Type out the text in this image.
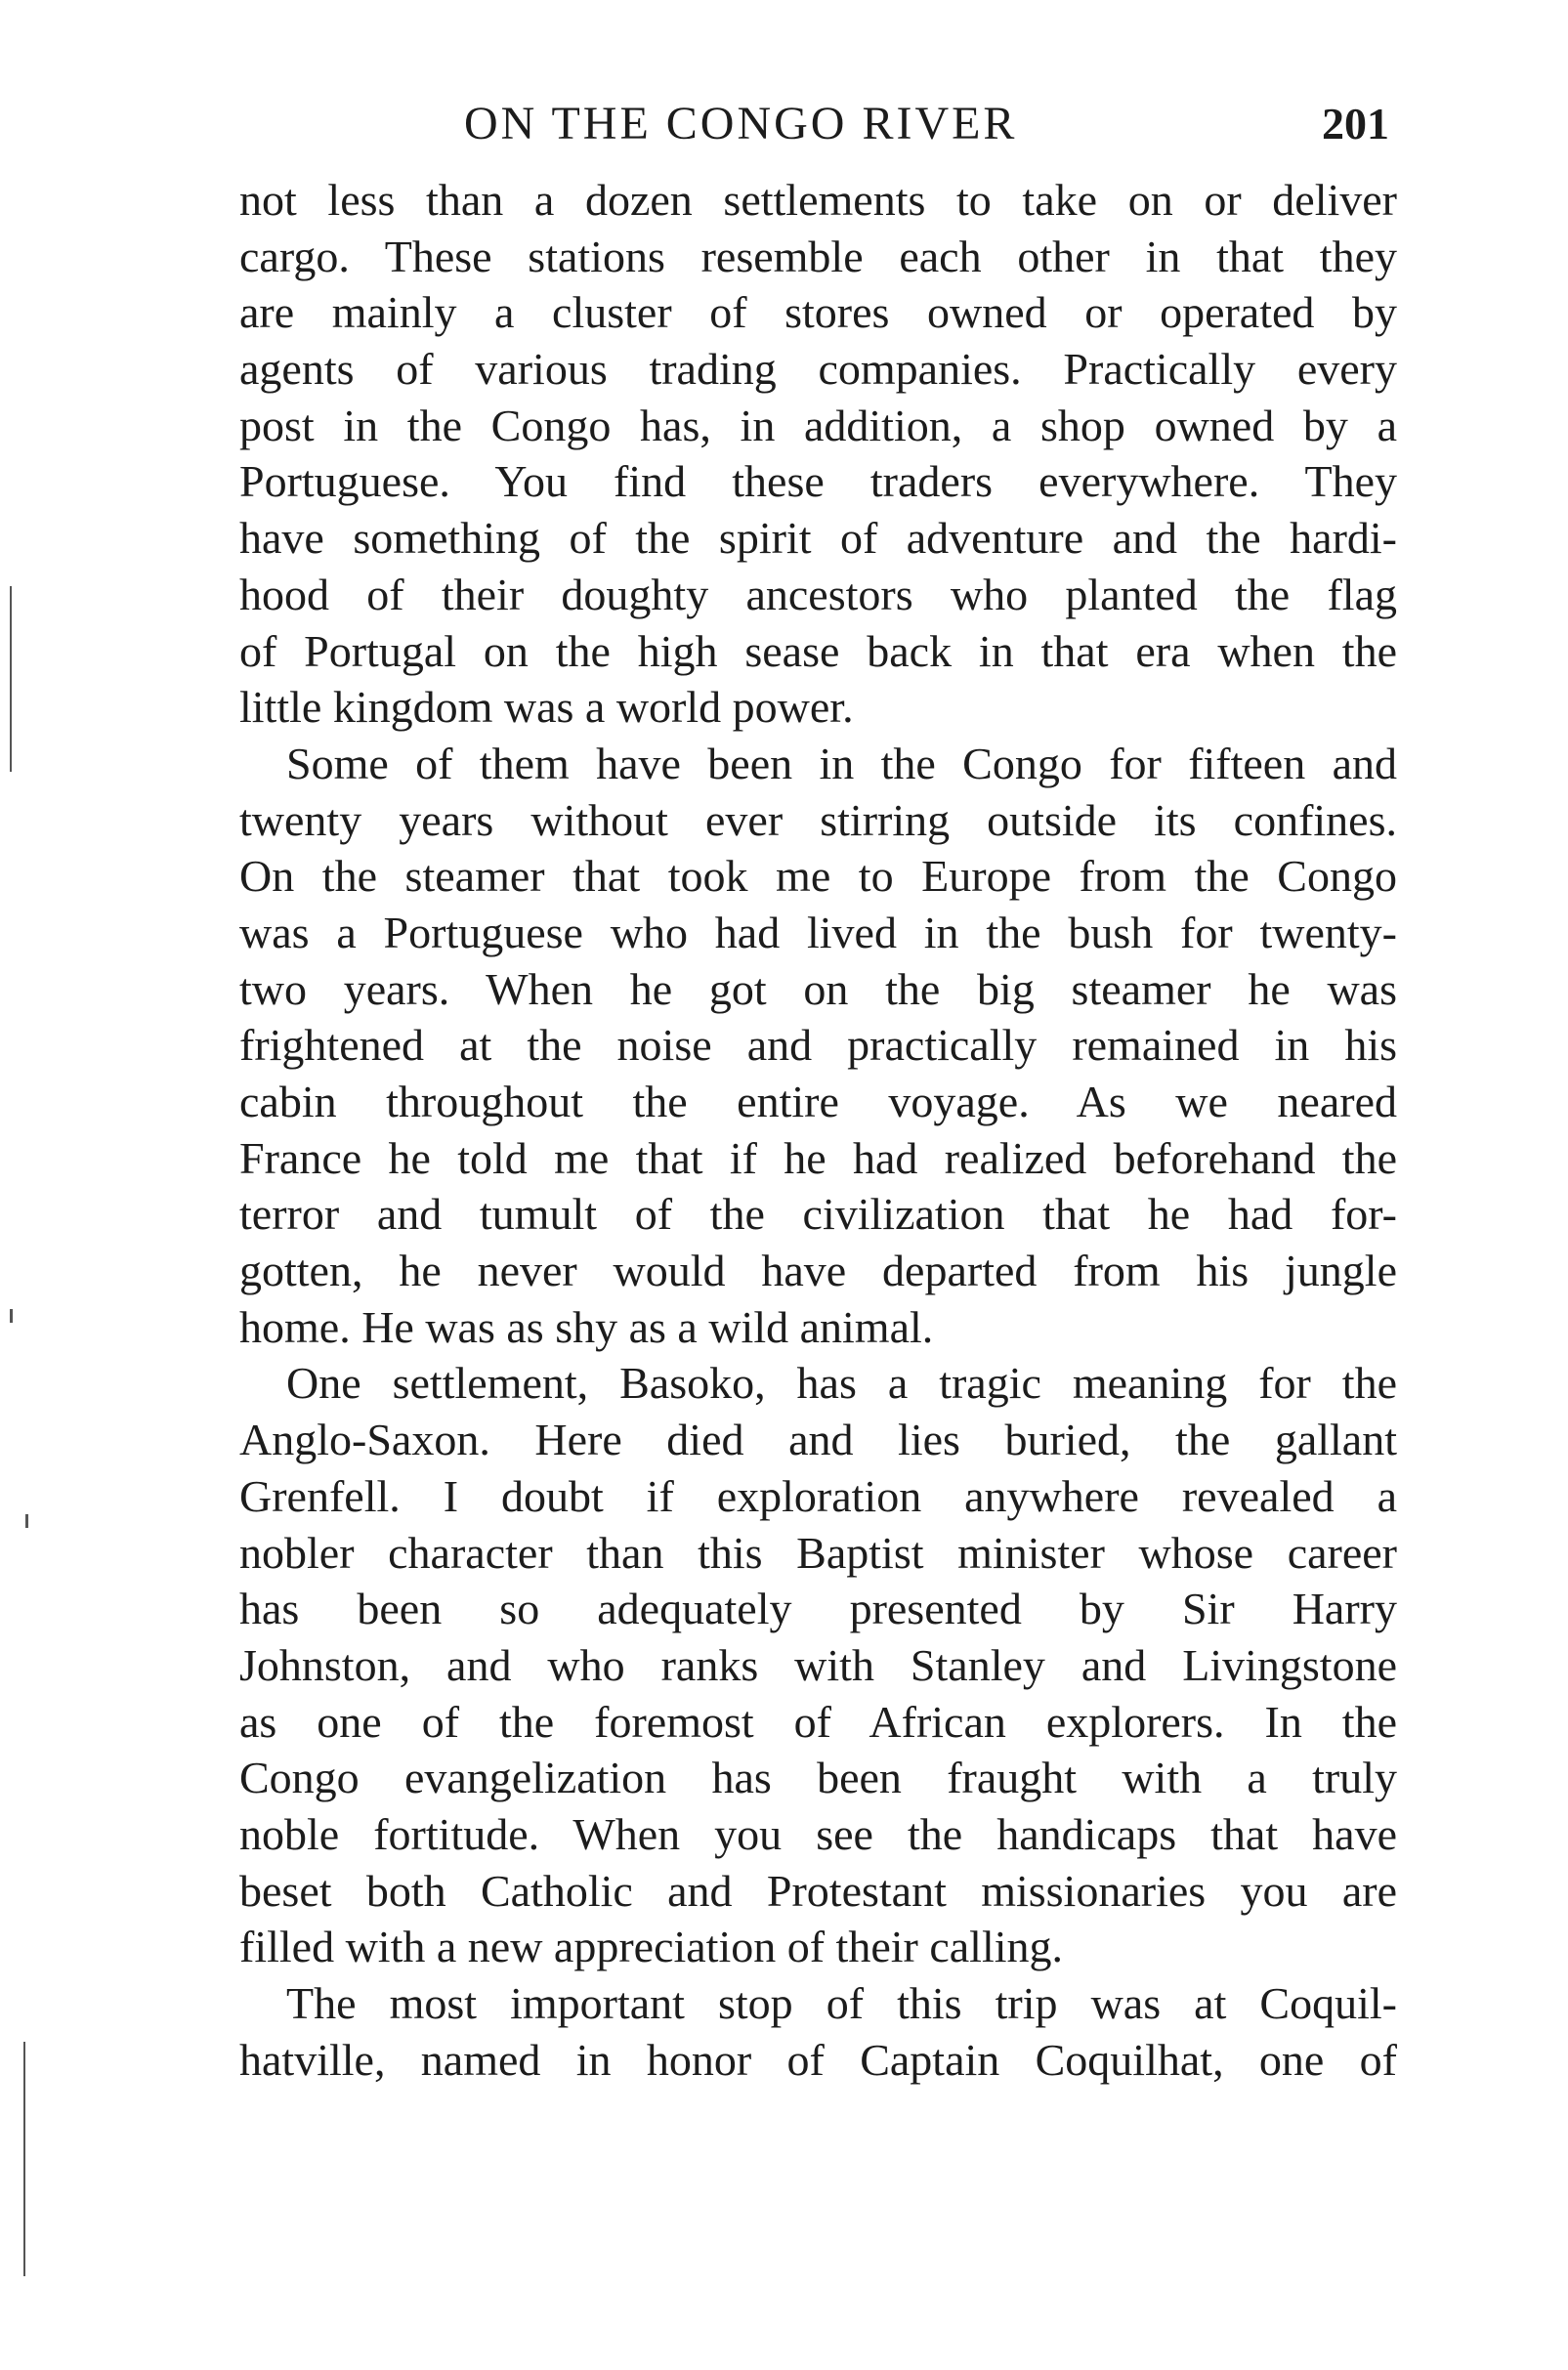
ON THE CONGO RIVER	201
not less than a dozen settlements to take on or deliver
cargo. These stations resemble each other in that they
are mainly a cluster of stores owned or operated by
agents of various trading companies. Practically every
post in the Congo has, in addition, a shop owned by a
Portuguese. You find these traders everywhere. They
have something of the spirit of adventure and the hardi-
hood of their doughty ancestors who planted the flag
of Portugal on the high sease back in that era when the
little kingdom was a world power.
Some of them have been in the Congo for fifteen and
twenty years without ever stirring outside its confines.
On the steamer that took me to Europe from the Congo
was a Portuguese who had lived in the bush for twenty-
two years. When he got on the big steamer he was
frightened at the noise and practically remained in his
cabin throughout the entire voyage. As we neared
France he told me that if he had realized beforehand the
terror and tumult of the civilization that he had for-
gotten, he never would have departed from his jungle
home. He was as shy as a wild animal.
One settlement, Basoko, has a tragic meaning for the
Anglo-Saxon. Here died and lies buried, the gallant
Grenfell. I doubt if exploration anywhere revealed a
nobler character than this Baptist minister whose career
has been so adequately presented by Sir Harry
Johnston, and who ranks with Stanley and Livingstone
as one of the foremost of African explorers. In the
Congo evangelization has been fraught with a truly
noble fortitude. When you see the handicaps that have
beset both Catholic and Protestant missionaries you are
filled with a new appreciation of their calling.
The most important stop of this trip was at Coquil-
hatville, named in honor of Captain Coquilhat, one of
